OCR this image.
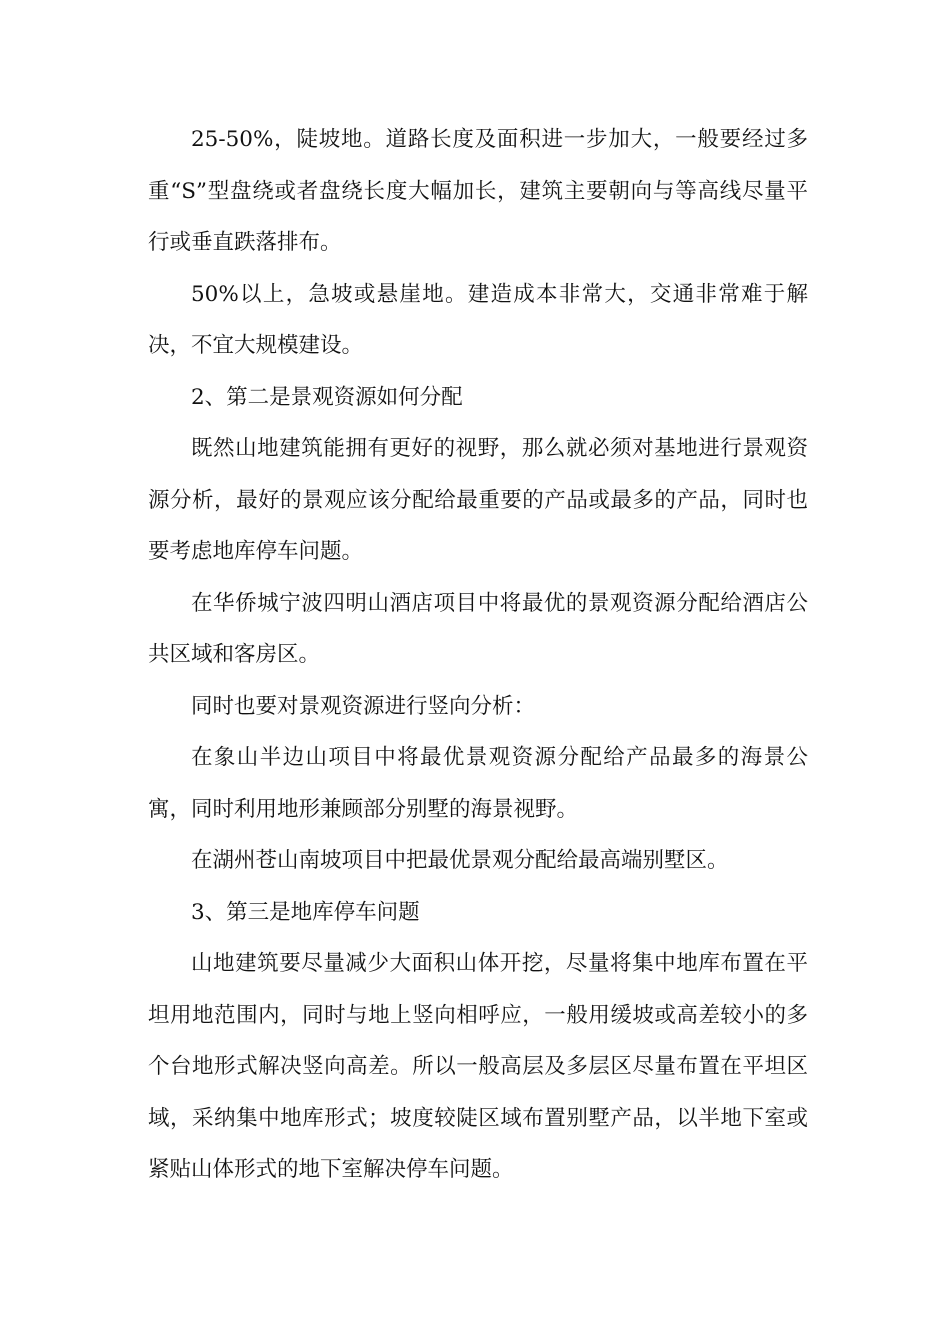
25-50%，陡坡地。道路长度及面积进一步加大，一般要经过多重“S”型盘绕或者盘绕长度大幅加长，建筑主要朝向与等高线尽量平行或垂直跌落排布。

50%以上，急坡或悬崖地。建造成本非常大，交通非常难于解决，不宜大规模建设。

2、第二是景观资源如何分配

既然山地建筑能拥有更好的视野，那么就必须对基地进行景观资源分析，最好的景观应该分配给最重要的产品或最多的产品，同时也要考虑地库停车问题。

在华侨城宁波四明山酒店项目中将最优的景观资源分配给酒店公共区域和客房区。

同时也要对景观资源进行竖向分析：

在象山半边山项目中将最优景观资源分配给产品最多的海景公寓，同时利用地形兼顾部分别墅的海景视野。

在湖州苍山南坡项目中把最优景观分配给最高端别墅区。

3、第三是地库停车问题

山地建筑要尽量减少大面积山体开挖，尽量将集中地库布置在平坦用地范围内，同时与地上竖向相呼应，一般用缓坡或高差较小的多个台地形式解决竖向高差。所以一般高层及多层区尽量布置在平坦区域，采纳集中地库形式；坡度较陡区域布置别墅产品，以半地下室或紧贴山体形式的地下室解决停车问题。
